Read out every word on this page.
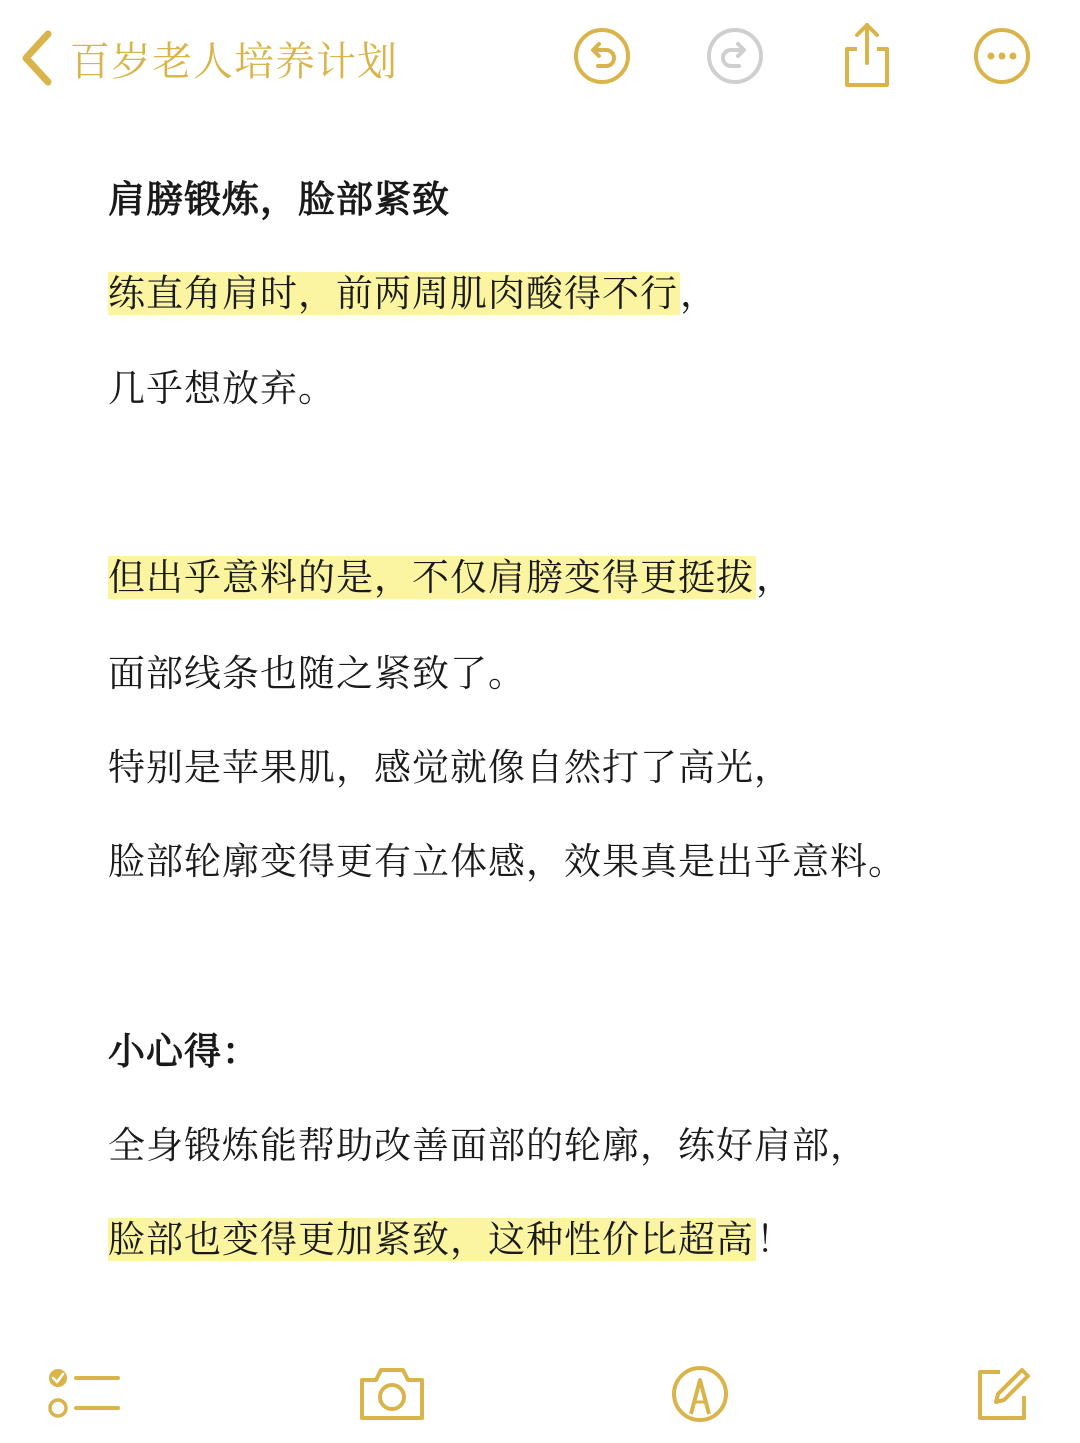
百岁老人培养计划
肩膀锻炼，脸部紧致
练直角肩时，前两周肌肉酸得不行，
几乎想放弃。
但出乎意料的是，不仅肩膀变得更挺拔，
面部线条也随之紧致了。
特别是苹果肌，感觉就像自然打了高光，
脸部轮廓变得更有立体感，效果真是出乎意料。
小心得：
全身锻炼能帮助改善面部的轮廓，练好肩部，
脸部也变得更加紧致，这种性价比超高！
